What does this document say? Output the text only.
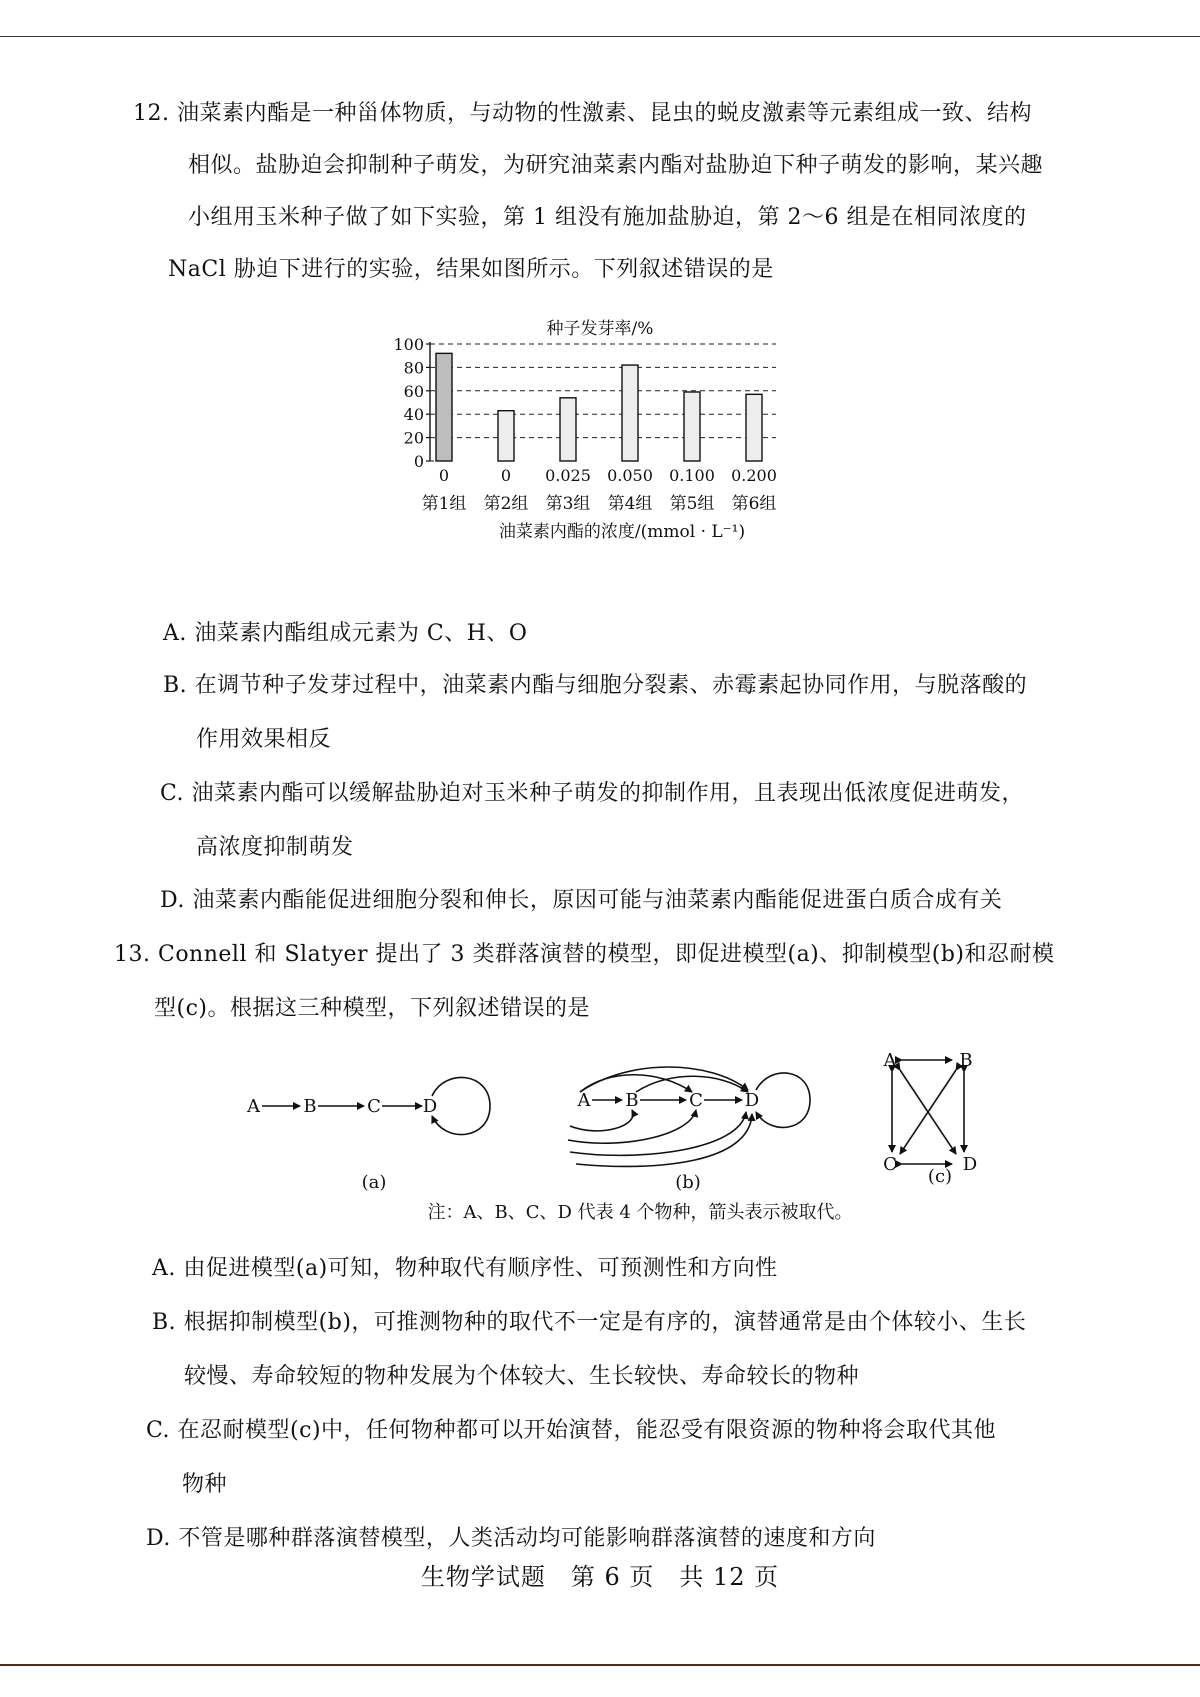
12. 油菜素内酯是一种甾体物质，与动物的性激素、昆虫的蜕皮激素等元素组成一致、结构
相似。盐胁迫会抑制种子萌发，为研究油菜素内酯对盐胁迫下种子萌发的影响，某兴趣
小组用玉米种子做了如下实验，第 1 组没有施加盐胁迫，第 2～6 组是在相同浓度的
NaCl 胁迫下进行的实验，结果如图所示。下列叙述错误的是
种子发芽率/%
100
80
60
40
20
0
0
第1组
0
第2组
0.025
第3组
0.050
第4组
0.100
第5组
0.200
第6组
油菜素内酯的浓度/(mmol · L⁻¹)
A. 油菜素内酯组成元素为 C、H、O
B. 在调节种子发芽过程中，油菜素内酯与细胞分裂素、赤霉素起协同作用，与脱落酸的
作用效果相反
C. 油菜素内酯可以缓解盐胁迫对玉米种子萌发的抑制作用，且表现出低浓度促进萌发，
高浓度抑制萌发
D. 油菜素内酯能促进细胞分裂和伸长，原因可能与油菜素内酯能促进蛋白质合成有关
13. Connell 和 Slatyer 提出了 3 类群落演替的模型，即促进模型(a)、抑制模型(b)和忍耐模
型(c)。根据这三种模型，下列叙述错误的是
A B	C D	A B	C D
A	B
C	D
(a)	(b)	(c)
注：A、B、C、D 代表 4 个物种，箭头表示被取代。
A. 由促进模型(a)可知，物种取代有顺序性、可预测性和方向性
B. 根据抑制模型(b)，可推测物种的取代不一定是有序的，演替通常是由个体较小、生长
较慢、寿命较短的物种发展为个体较大、生长较快、寿命较长的物种
C. 在忍耐模型(c)中，任何物种都可以开始演替，能忍受有限资源的物种将会取代其他
物种
D. 不管是哪种群落演替模型，人类活动均可能影响群落演替的速度和方向
生物学试题　第 6 页　共 12 页
